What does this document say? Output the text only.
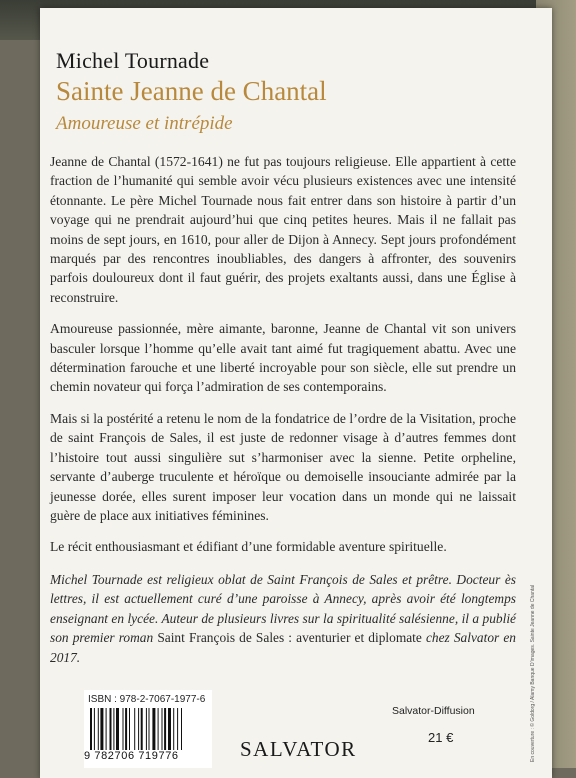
Michel Tournade
Sainte Jeanne de Chantal
Amoureuse et intrépide

Jeanne de Chantal (1572-1641) ne fut pas toujours religieuse. Elle appartient à cette fraction de l’humanité qui semble avoir vécu plusieurs existences avec une intensité étonnante. Le père Michel Tournade nous fait entrer dans son histoire à partir d’un voyage qui ne prendrait aujourd’hui que cinq petites heures. Mais il ne fallait pas moins de sept jours, en 1610, pour aller de Dijon à Annecy. Sept jours profondément marqués par des rencontres inoubliables, des dangers à affronter, des souvenirs parfois douloureux dont il faut guérir, des projets exaltants aussi, dans une Église à reconstruire.

Amoureuse passionnée, mère aimante, baronne, Jeanne de Chantal vit son univers basculer lorsque l’homme qu’elle avait tant aimé fut tragiquement abattu. Avec une détermination farouche et une liberté incroyable pour son siècle, elle sut prendre un chemin novateur qui força l’admiration de ses contemporains.

Mais si la postérité a retenu le nom de la fondatrice de l’ordre de la Visitation, proche de saint François de Sales, il est juste de redonner visage à d’autres femmes dont l’histoire tout aussi singulière sut s’harmoniser avec la sienne. Petite orpheline, servante d’auberge truculente et héroïque ou demoiselle insouciante admirée par la jeunesse dorée, elles surent imposer leur vocation dans un monde qui ne laissait guère de place aux initiatives féminines.

Le récit enthousiasmant et édifiant d’une formidable aventure spirituelle.

Michel Tournade est religieux oblat de Saint François de Sales et prêtre. Docteur ès lettres, il est actuellement curé d’une paroisse à Annecy, après avoir été longtemps enseignant en lycée. Auteur de plusieurs livres sur la spiritualité salésienne, il a publié son premier roman Saint François de Sales : aventurier et diplomate chez Salvator en 2017.
ISBN : 978-2-7067-1977-6
9 782706 719776	SALVATOR
Salvator-Diffusion
21 €	En couverture : © Goldorg / Alamy Banque D’images. Sainte Jeanne de Chantal
